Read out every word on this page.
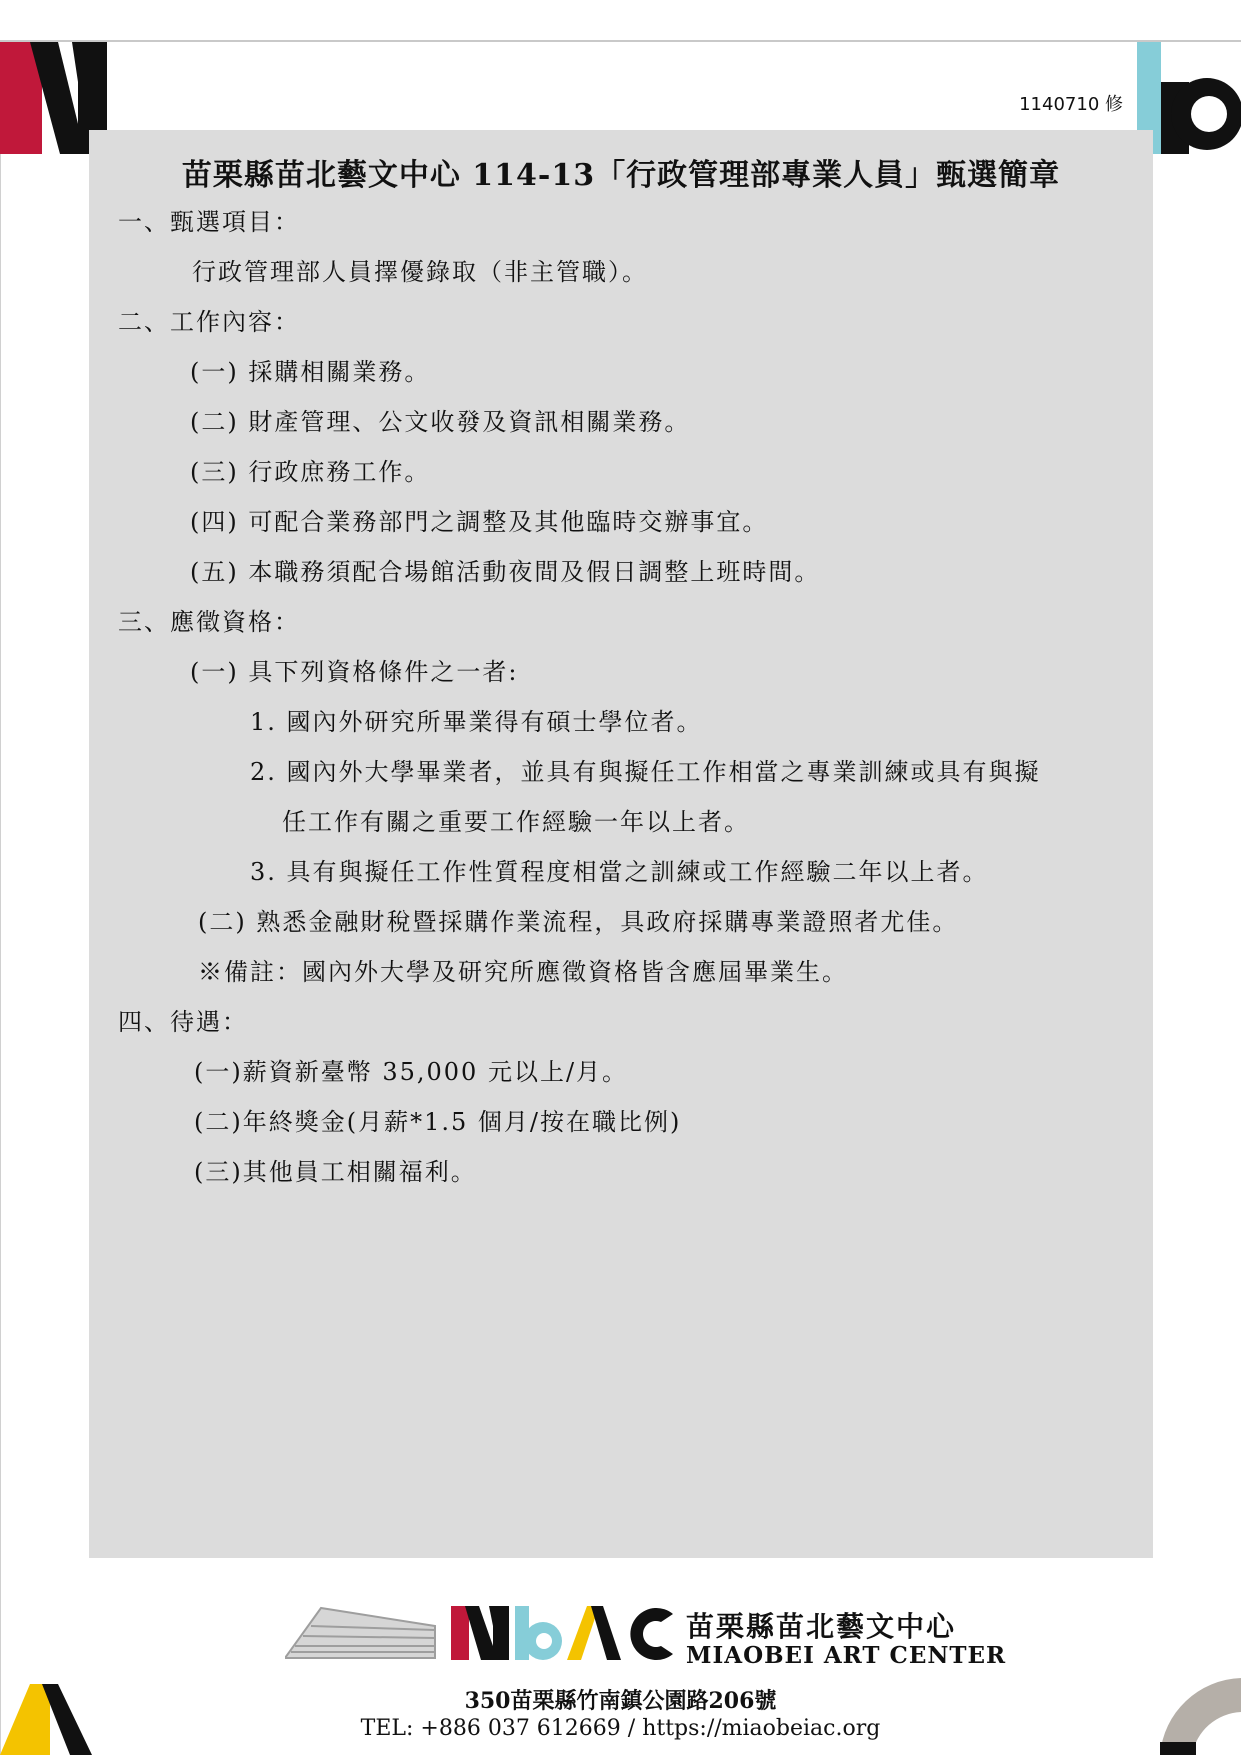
1140710 修
苗栗縣苗北藝文中心 114-13「行政管理部專業人員」甄選簡章
一、甄選項目：
行政管理部人員擇優錄取（非主管職）。
二、工作內容：
(一) 採購相關業務。
(二) 財產管理、公文收發及資訊相關業務。
(三) 行政庶務工作。
(四) 可配合業務部門之調整及其他臨時交辦事宜。
(五) 本職務須配合場館活動夜間及假日調整上班時間。
三、應徵資格：
(一) 具下列資格條件之一者:
1. 國內外研究所畢業得有碩士學位者。
2. 國內外大學畢業者，並具有與擬任工作相當之專業訓練或具有與擬
任工作有關之重要工作經驗一年以上者。
3. 具有與擬任工作性質程度相當之訓練或工作經驗二年以上者。
(二) 熟悉金融財稅暨採購作業流程，具政府採購專業證照者尤佳。
※備註：國內外大學及研究所應徵資格皆含應屆畢業生。
四、待遇：
(一)薪資新臺幣 35,000 元以上/月。
(二)年終獎金(月薪*1.5 個月/按在職比例)
(三)其他員工相關福利。
苗栗縣苗北藝文中心
MIAOBEI ART CENTER
350苗栗縣竹南鎮公園路206號
TEL: +886 037 612669 / https://miaobeiac.org
